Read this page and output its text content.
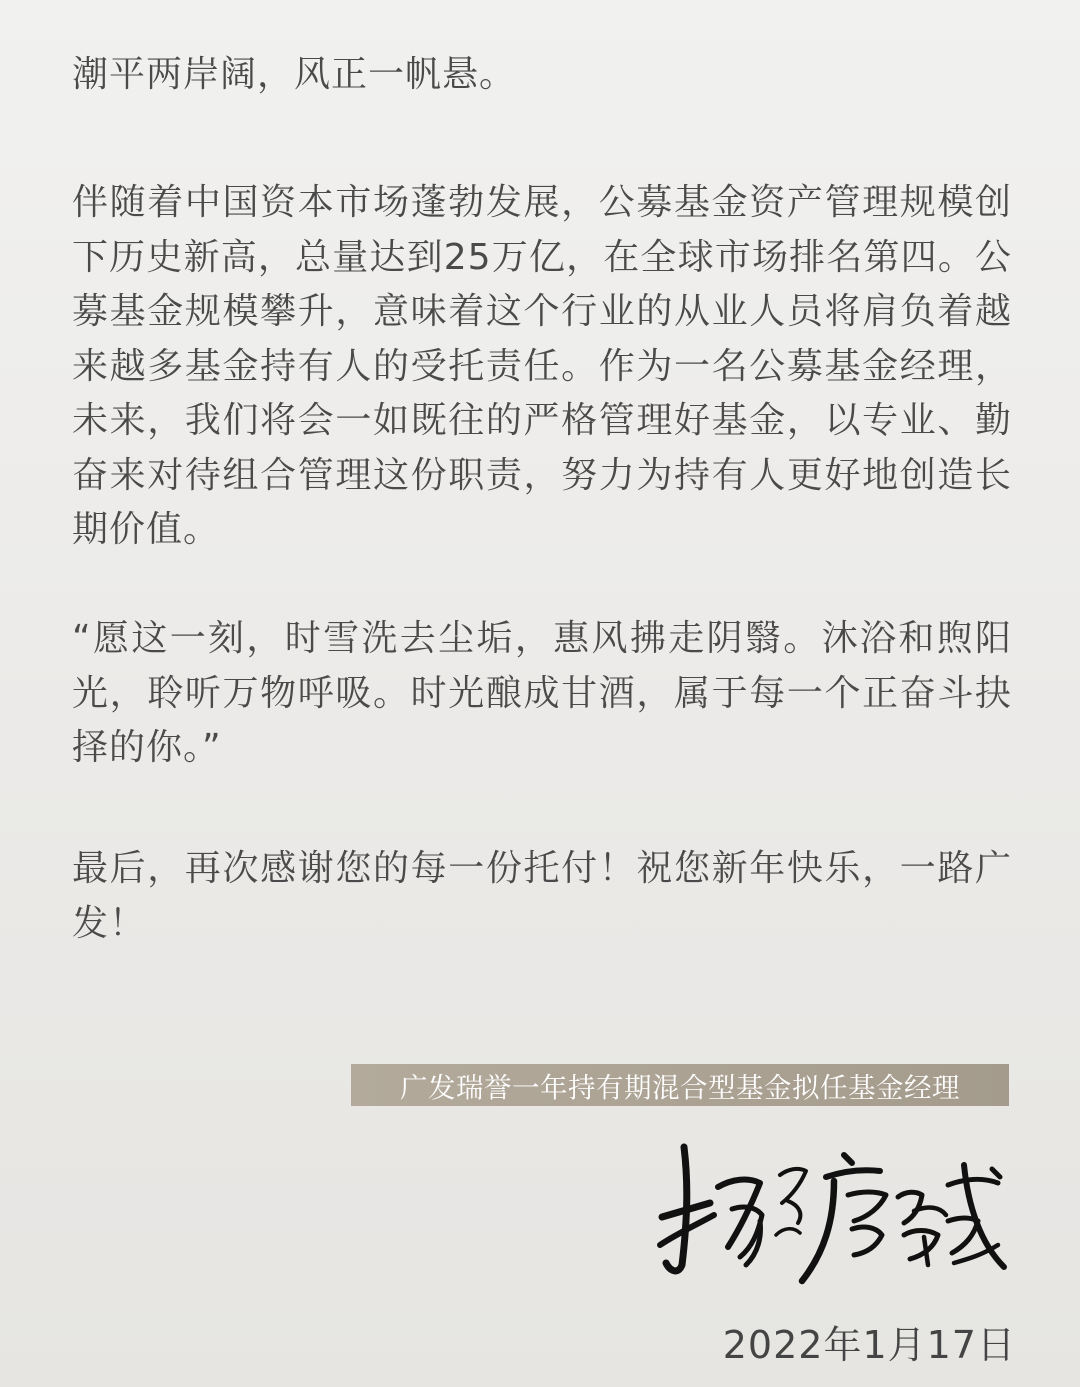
潮平两岸阔，风正一帆悬。

伴随着中国资本市场蓬勃发展，公募基金资产管理规模创下历史新高，总量达到25万亿，在全球市场排名第四。公募基金规模攀升，意味着这个行业的从业人员将肩负着越来越多基金持有人的受托责任。作为一名公募基金经理，未来，我们将会一如既往的严格管理好基金，以专业、勤奋来对待组合管理这份职责，努力为持有人更好地创造长期价值。

“愿这一刻，时雪洗去尘垢，惠风拂走阴翳。沐浴和煦阳光，聆听万物呼吸。时光酿成甘酒，属于每一个正奋斗抉择的你。”

最后，再次感谢您的每一份托付！祝您新年快乐，一路广发！

广发瑞誉一年持有期混合型基金拟任基金经理
2022年1月17日
